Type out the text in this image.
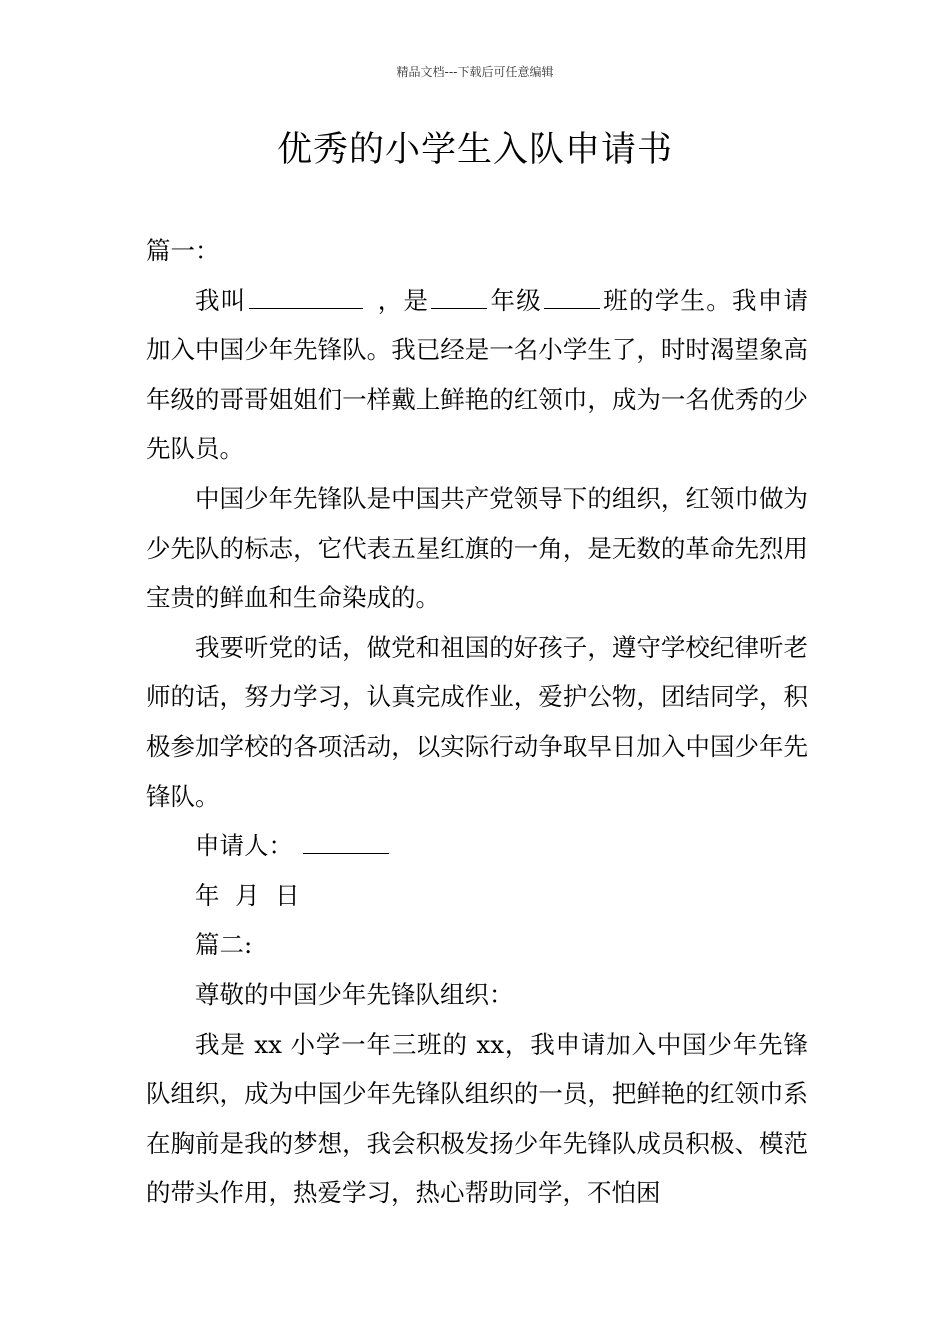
精品文档---下载后可任意编辑
优秀的小学生入队申请书

篇一：

我叫	，是 年级 班的学生。我申请加入中国少年先锋队。我已经是一名小学生了，时时渴望象高年级的哥哥姐姐们一样戴上鲜艳的红领巾，成为一名优秀的少先队员。

中国少年先锋队是中国共产党领导下的组织，红领巾做为少先队的标志，它代表五星红旗的一角，是无数的革命先烈用宝贵的鲜血和生命染成的。

我要听党的话，做党和祖国的好孩子，遵守学校纪律听老师的话，努力学习，认真完成作业，爱护公物，团结同学，积极参加学校的各项活动，以实际行动争取早日加入中国少年先锋队。

申请人：

年  月  日

篇二:

尊敬的中国少年先锋队组织：

我是 xx 小学一年三班的 xx，我申请加入中国少年先锋队组织，成为中国少年先锋队组织的一员，把鲜艳的红领巾系在胸前是我的梦想，我会积极发扬少年先锋队成员积极、模范的带头作用，热爱学习，热心帮助同学，不怕困
